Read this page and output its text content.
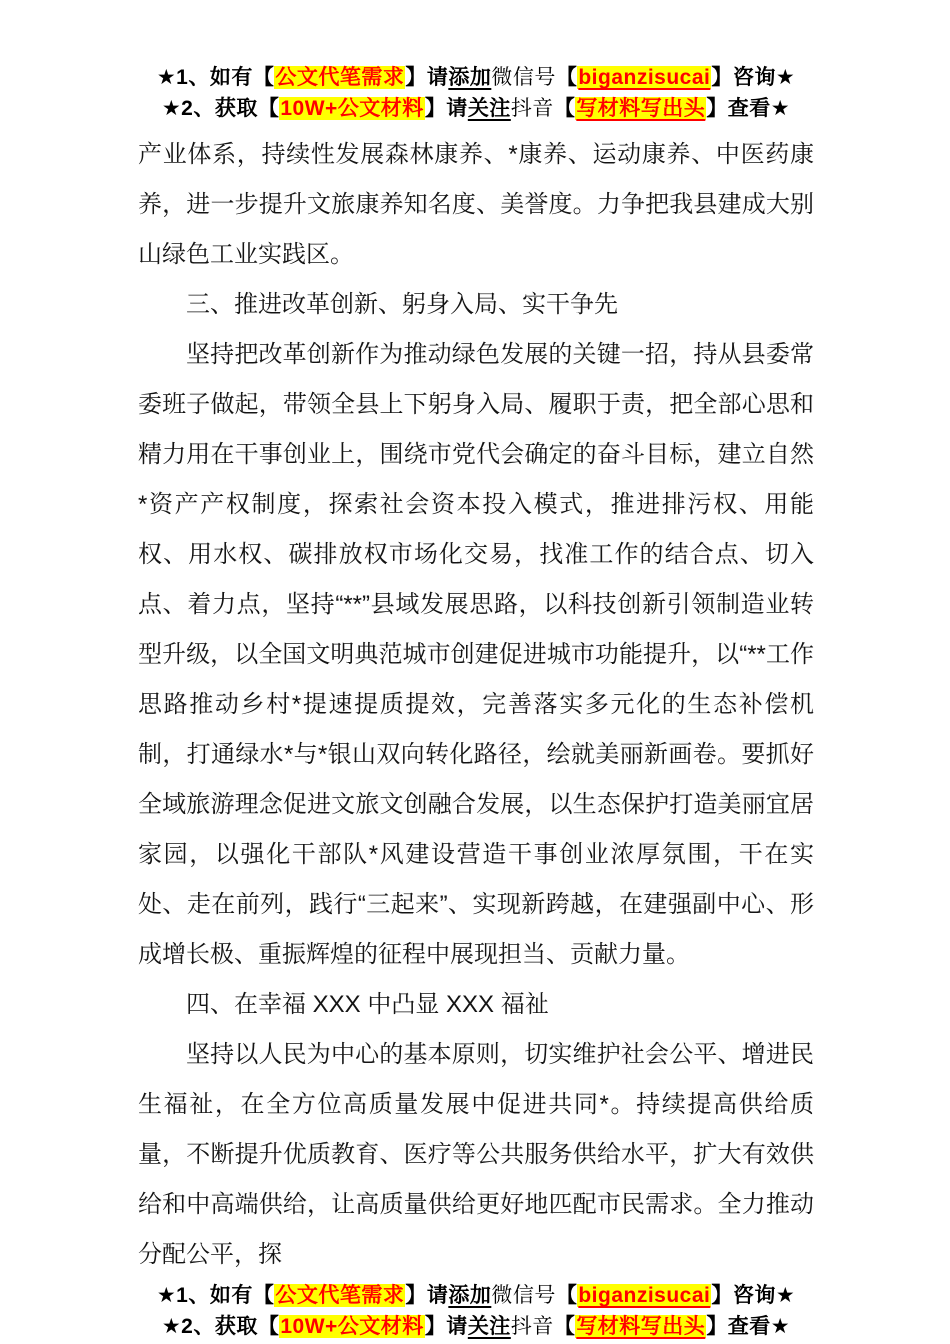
★1、如有【公文代笔需求】请添加微信号【biganzisucai】咨询★

★2、获取【10W+公文材料】请关注抖音【写材料写出头】查看★

产业体系，持续性发展森林康养、*康养、运动康养、中医药康养，进一步提升文旅康养知名度、美誉度。力争把我县建成大别山绿色工业实践区。

三、推进改革创新、躬身入局、实干争先

坚持把改革创新作为推动绿色发展的关键一招，持从县委常委班子做起，带领全县上下躬身入局、履职于责，把全部心思和精力用在干事创业上，围绕市党代会确定的奋斗目标，建立自然*资产产权制度，探索社会资本投入模式，推进排污权、用能权、用水权、碳排放权市场化交易，找准工作的结合点、切入点、着力点，坚持“**”县域发展思路，以科技创新引领制造业转型升级，以全国文明典范城市创建促进城市功能提升，以“**工作思路推动乡村*提速提质提效，完善落实多元化的生态补偿机制，打通绿水*与*银山双向转化路径，绘就美丽新画卷。要抓好全域旅游理念促进文旅文创融合发展，以生态保护打造美丽宜居家园，以强化干部队*风建设营造干事创业浓厚氛围，干在实处、走在前列，践行“三起来”、实现新跨越，在建强副中心、形成增长极、重振辉煌的征程中展现担当、贡献力量。

四、在幸福 XXX 中凸显 XXX 福祉

坚持以人民为中心的基本原则，切实维护社会公平、增进民生福祉，在全方位高质量发展中促进共同*。持续提高供给质量，不断提升优质教育、医疗等公共服务供给水平，扩大有效供给和中高端供给，让高质量供给更好地匹配市民需求。全力推动分配公平，探

★1、如有【公文代笔需求】请添加微信号【biganzisucai】咨询★

★2、获取【10W+公文材料】请关注抖音【写材料写出头】查看★
